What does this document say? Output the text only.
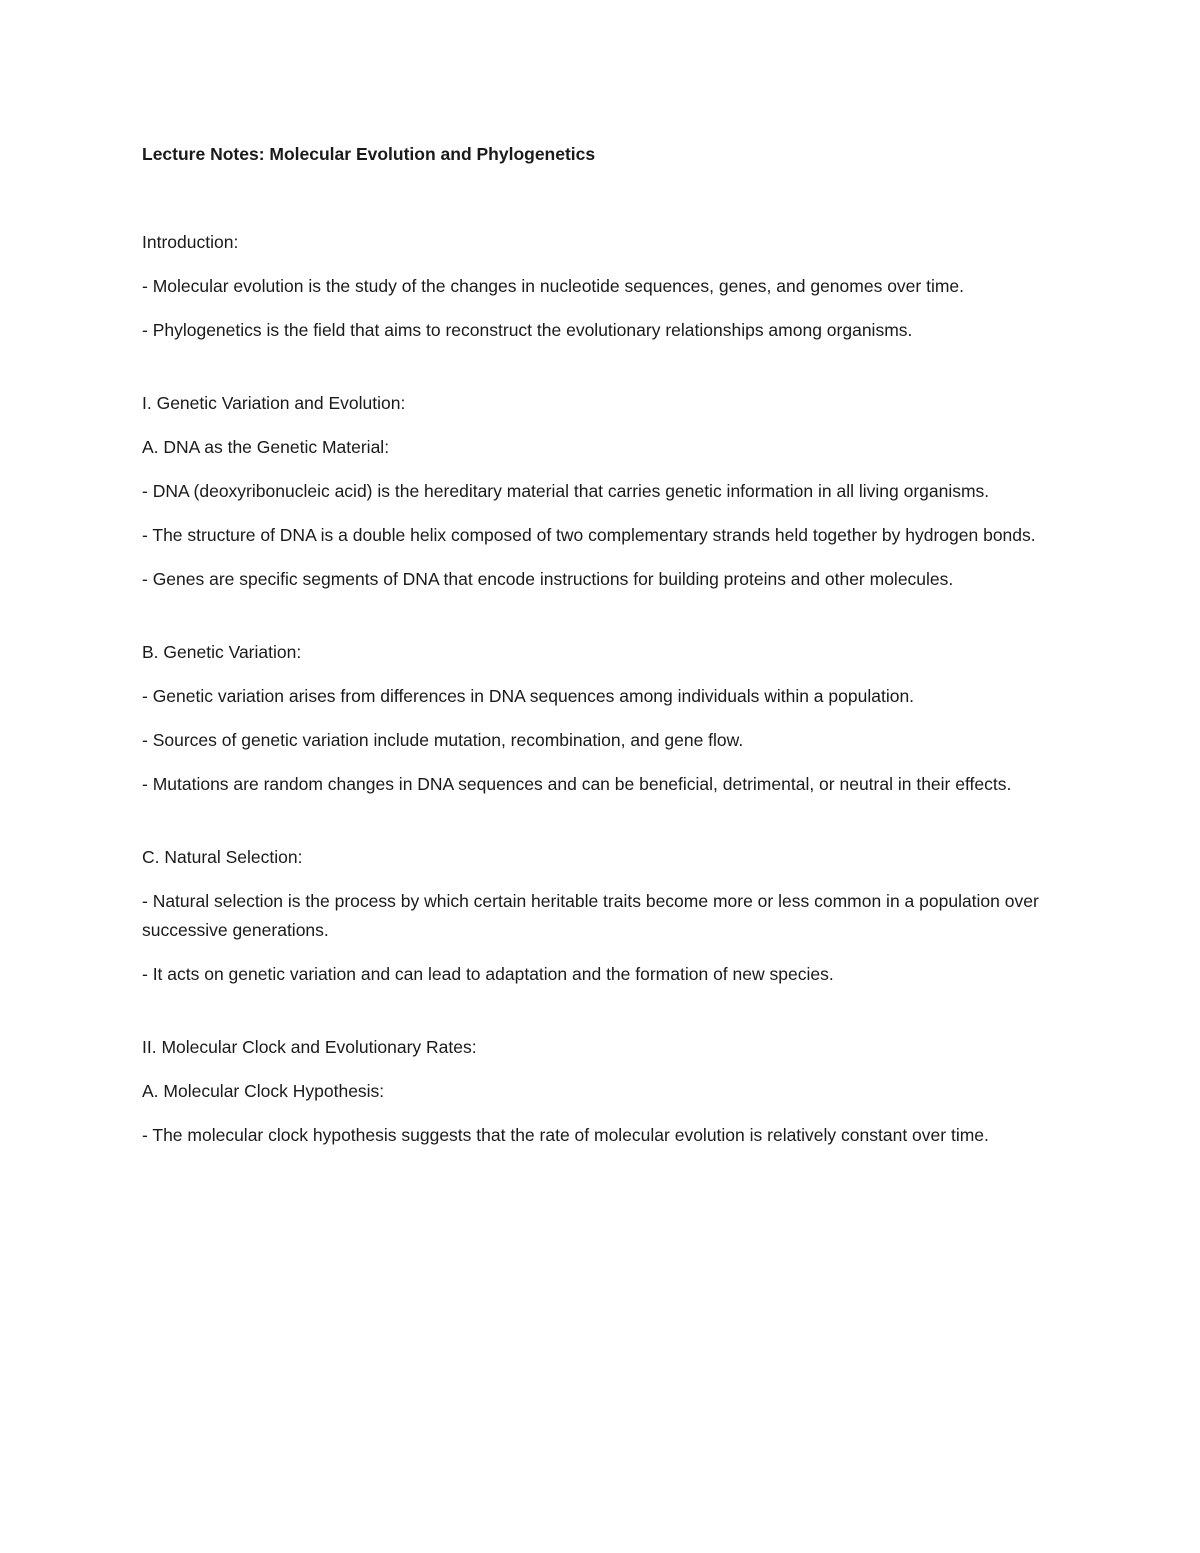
Lecture Notes: Molecular Evolution and Phylogenetics

Introduction:

- Molecular evolution is the study of the changes in nucleotide sequences, genes, and genomes over time.

- Phylogenetics is the field that aims to reconstruct the evolutionary relationships among organisms.

I. Genetic Variation and Evolution:

A. DNA as the Genetic Material:

- DNA (deoxyribonucleic acid) is the hereditary material that carries genetic information in all living organisms.

- The structure of DNA is a double helix composed of two complementary strands held together by hydrogen bonds.

- Genes are specific segments of DNA that encode instructions for building proteins and other molecules.

B. Genetic Variation:

- Genetic variation arises from differences in DNA sequences among individuals within a population.

- Sources of genetic variation include mutation, recombination, and gene flow.

- Mutations are random changes in DNA sequences and can be beneficial, detrimental, or neutral in their effects.

C. Natural Selection:

- Natural selection is the process by which certain heritable traits become more or less common in a population over successive generations.

- It acts on genetic variation and can lead to adaptation and the formation of new species.

II. Molecular Clock and Evolutionary Rates:

A. Molecular Clock Hypothesis:

- The molecular clock hypothesis suggests that the rate of molecular evolution is relatively constant over time.
